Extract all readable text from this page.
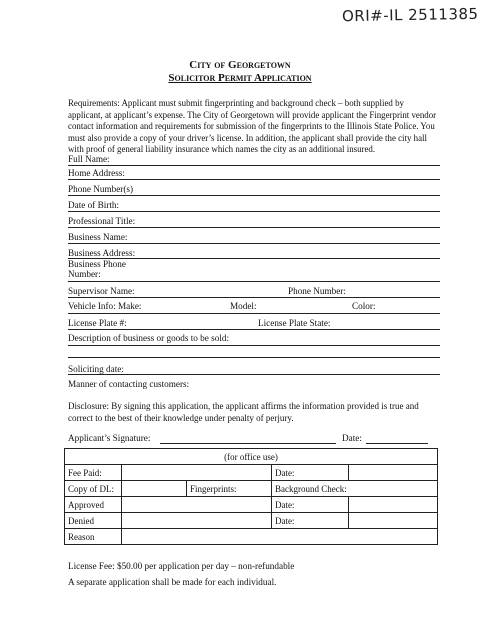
ORI#-IL 2511385
City of Georgetown
Solicitor Permit Application
Requirements: Applicant must submit fingerprinting and background check – both supplied by applicant, at applicant’s expense. The City of Georgetown will provide applicant the Fingerprint vendor contact information and requirements for submission of the fingerprints to the Illinois State Police. You must also provide a copy of your driver’s license. In addition, the applicant shall provide the city hall with proof of general liability insurance which names the city as an additional insured.
Full Name:
Home Address:
Phone Number(s)
Date of Birth:
Professional Title:
Business Name:
Business Address:
Business Phone
Number:
Supervisor Name:	Phone Number:
Vehicle Info: Make:	Model:	Color:
License Plate #:	License Plate State:
Description of business or goods to be sold:
Soliciting date:
Manner of contacting customers:
Disclosure: By signing this application, the applicant affirms the information provided is true and correct to the best of their knowledge under penalty of perjury.
Applicant’s Signature:	Date:
(for office use)				
Fee Paid:			Date:	
Copy of DL:		Fingerprints:	Background Check:	
Approved			Date:	
Denied			Date:	
Reason				
License Fee: $50.00 per application per day – non-refundable
A separate application shall be made for each individual.
